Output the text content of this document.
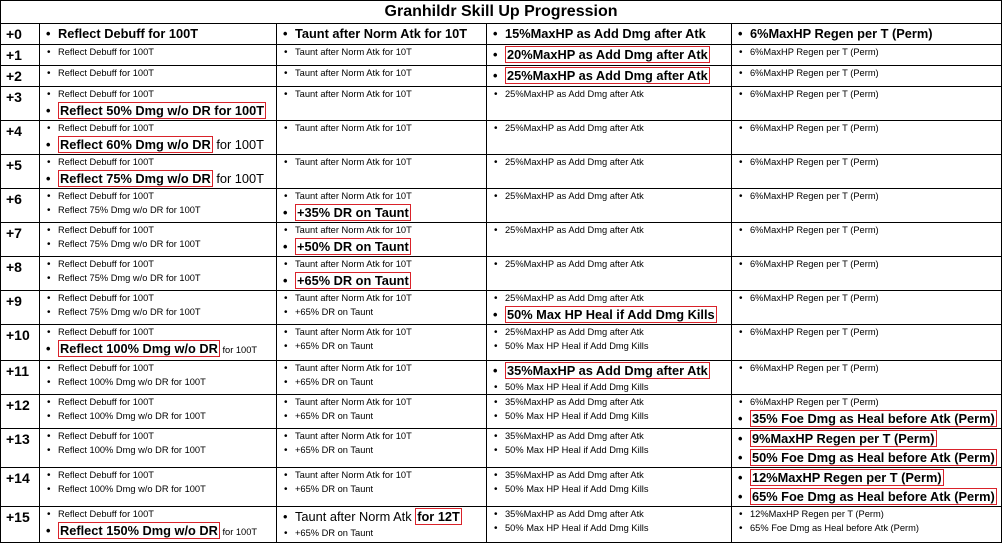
Granhildr Skill Up Progression				
+0	
•Reflect Debuff for 100T

•Taunt after Norm Atk for 10T

•15%MaxHP as Add Dmg after Atk

•6%MaxHP Regen per T (Perm)

+1	
•Reflect Debuff for 100T

•Taunt after Norm Atk for 10T

•20%MaxHP as Add Dmg after Atk

•6%MaxHP Regen per T (Perm)

+2	
•Reflect Debuff for 100T

•Taunt after Norm Atk for 10T

•25%MaxHP as Add Dmg after Atk

•6%MaxHP Regen per T (Perm)

+3	
•Reflect Debuff for 100T
• Reflect 50% Dmg w/o DR for 100T

• Taunt after Norm Atk for 10T

•25%MaxHP as Add Dmg after Atk

•6%MaxHP Regen per T (Perm)

+4	
•Reflect Debuff for 100T
• Reflect 60% Dmg w/o DR for 100T

• Taunt after Norm Atk for 10T

•25%MaxHP as Add Dmg after Atk

•6%MaxHP Regen per T (Perm)

+5	
•Reflect Debuff for 100T
• Reflect 75% Dmg w/o DR for 100T

• Taunt after Norm Atk for 10T

•25%MaxHP as Add Dmg after Atk

•6%MaxHP Regen per T (Perm)

+6	
•Reflect Debuff for 100T
• Reflect 75% Dmg w/o DR for 100T

• Taunt after Norm Atk for 10T
• +35% DR on Taunt

• 25%MaxHP as Add Dmg after Atk

•6%MaxHP Regen per T (Perm)

+7	
•Reflect Debuff for 100T
• Reflect 75% Dmg w/o DR for 100T

• Taunt after Norm Atk for 10T
• +50% DR on Taunt

• 25%MaxHP as Add Dmg after Atk

•6%MaxHP Regen per T (Perm)

+8	
•Reflect Debuff for 100T
• Reflect 75% Dmg w/o DR for 100T

• Taunt after Norm Atk for 10T
• +65% DR on Taunt

• 25%MaxHP as Add Dmg after Atk

•6%MaxHP Regen per T (Perm)

+9	
•Reflect Debuff for 100T
• Reflect 75% Dmg w/o DR for 100T

• Taunt after Norm Atk for 10T
• +65% DR on Taunt

• 25%MaxHP as Add Dmg after Atk
• 50% Max HP Heal if Add Dmg Kills

• 6%MaxHP Regen per T (Perm)

+10	
•Reflect Debuff for 100T
• Reflect 100% Dmg w/o DR for 100T

• Taunt after Norm Atk for 10T
• +65% DR on Taunt

• 25%MaxHP as Add Dmg after Atk
• 50% Max HP Heal if Add Dmg Kills

• 6%MaxHP Regen per T (Perm)

+11	
•Reflect Debuff for 100T
• Reflect 100% Dmg w/o DR for 100T

• Taunt after Norm Atk for 10T
• +65% DR on Taunt

• 35%MaxHP as Add Dmg after Atk
• 50% Max HP Heal if Add Dmg Kills

• 6%MaxHP Regen per T (Perm)

+12	
•Reflect Debuff for 100T
• Reflect 100% Dmg w/o DR for 100T

• Taunt after Norm Atk for 10T
• +65% DR on Taunt

• 35%MaxHP as Add Dmg after Atk
• 50% Max HP Heal if Add Dmg Kills

• 6%MaxHP Regen per T (Perm)
• 35% Foe Dmg as Heal before Atk (Perm)

+13	
•Reflect Debuff for 100T
• Reflect 100% Dmg w/o DR for 100T

• Taunt after Norm Atk for 10T
• +65% DR on Taunt

• 35%MaxHP as Add Dmg after Atk
• 50% Max HP Heal if Add Dmg Kills

• 9%MaxHP Regen per T (Perm)
• 50% Foe Dmg as Heal before Atk (Perm)

+14	
•Reflect Debuff for 100T
• Reflect 100% Dmg w/o DR for 100T

• Taunt after Norm Atk for 10T
• +65% DR on Taunt

• 35%MaxHP as Add Dmg after Atk
• 50% Max HP Heal if Add Dmg Kills

• 12%MaxHP Regen per T (Perm)
• 65% Foe Dmg as Heal before Atk (Perm)

+15	
•Reflect Debuff for 100T
• Reflect 150% Dmg w/o DR for 100T

• Taunt after Norm Atk for 12T
• +65% DR on Taunt

• 35%MaxHP as Add Dmg after Atk
• 50% Max HP Heal if Add Dmg Kills

• 12%MaxHP Regen per T (Perm)
• 65% Foe Dmg as Heal before Atk (Perm)
